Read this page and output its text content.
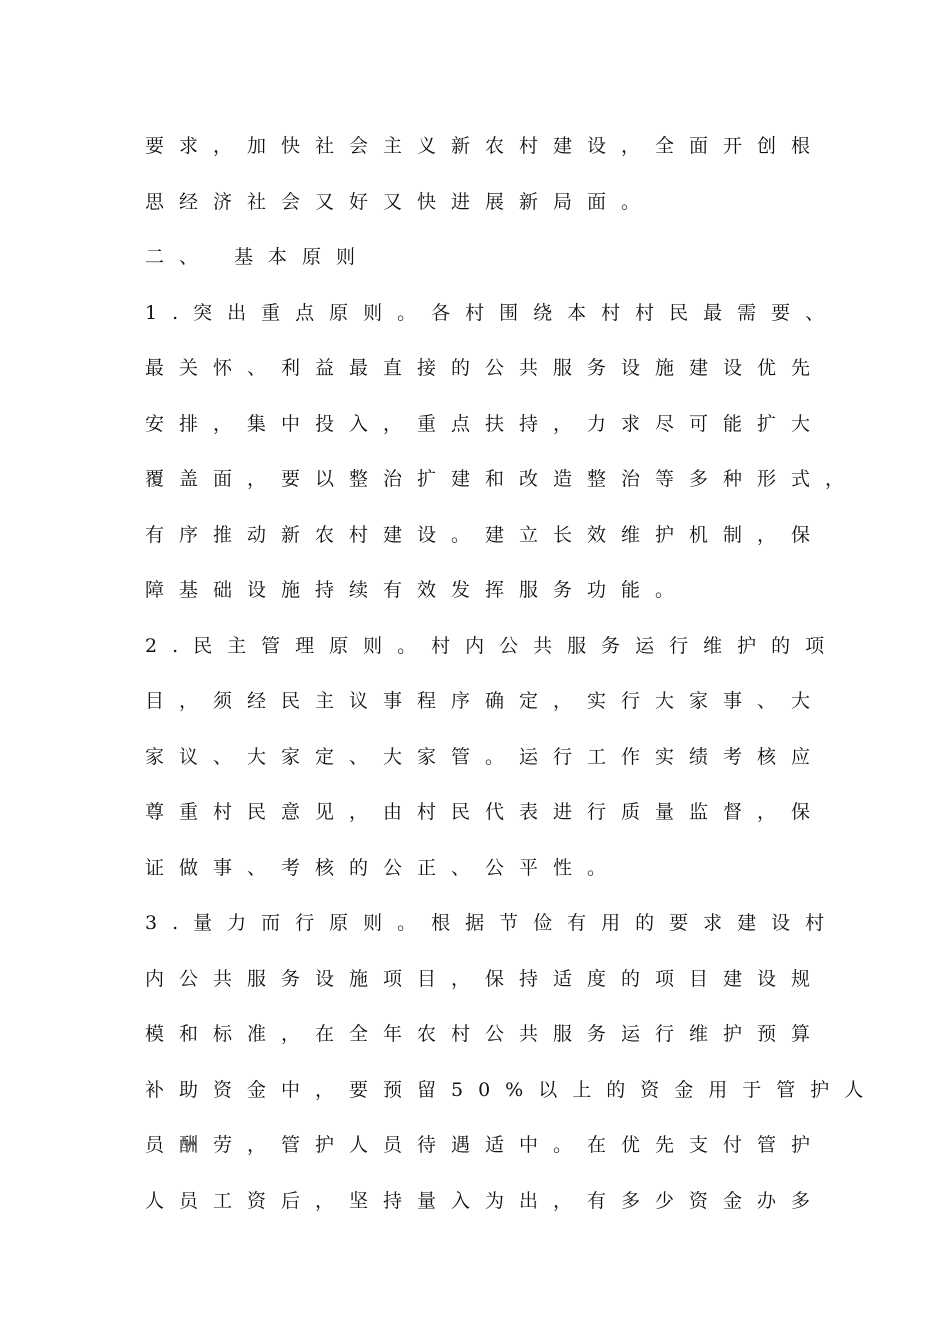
要求，加快社会主义新农村建设，全面开创根
思经济社会又好又快进展新局面。
二、 基本原则
1.突出重点原则。各村围绕本村村民最需要、
最关怀、利益最直接的公共服务设施建设优先
安排，集中投入，重点扶持，力求尽可能扩大
覆盖面，要以整治扩建和改造整治等多种形式，
有序推动新农村建设。建立长效维护机制，保
障基础设施持续有效发挥服务功能。
2.民主管理原则。村内公共服务运行维护的项
目，须经民主议事程序确定，实行大家事、大
家议、大家定、大家管。运行工作实绩考核应
尊重村民意见，由村民代表进行质量监督，保
证做事、考核的公正、公平性。
3.量力而行原则。根据节俭有用的要求建设村
内公共服务设施项目，保持适度的项目建设规
模和标准，在全年农村公共服务运行维护预算
补助资金中，要预留50%以上的资金用于管护人
员酬劳，管护人员待遇适中。在优先支付管护
人员工资后，坚持量入为出，有多少资金办多
